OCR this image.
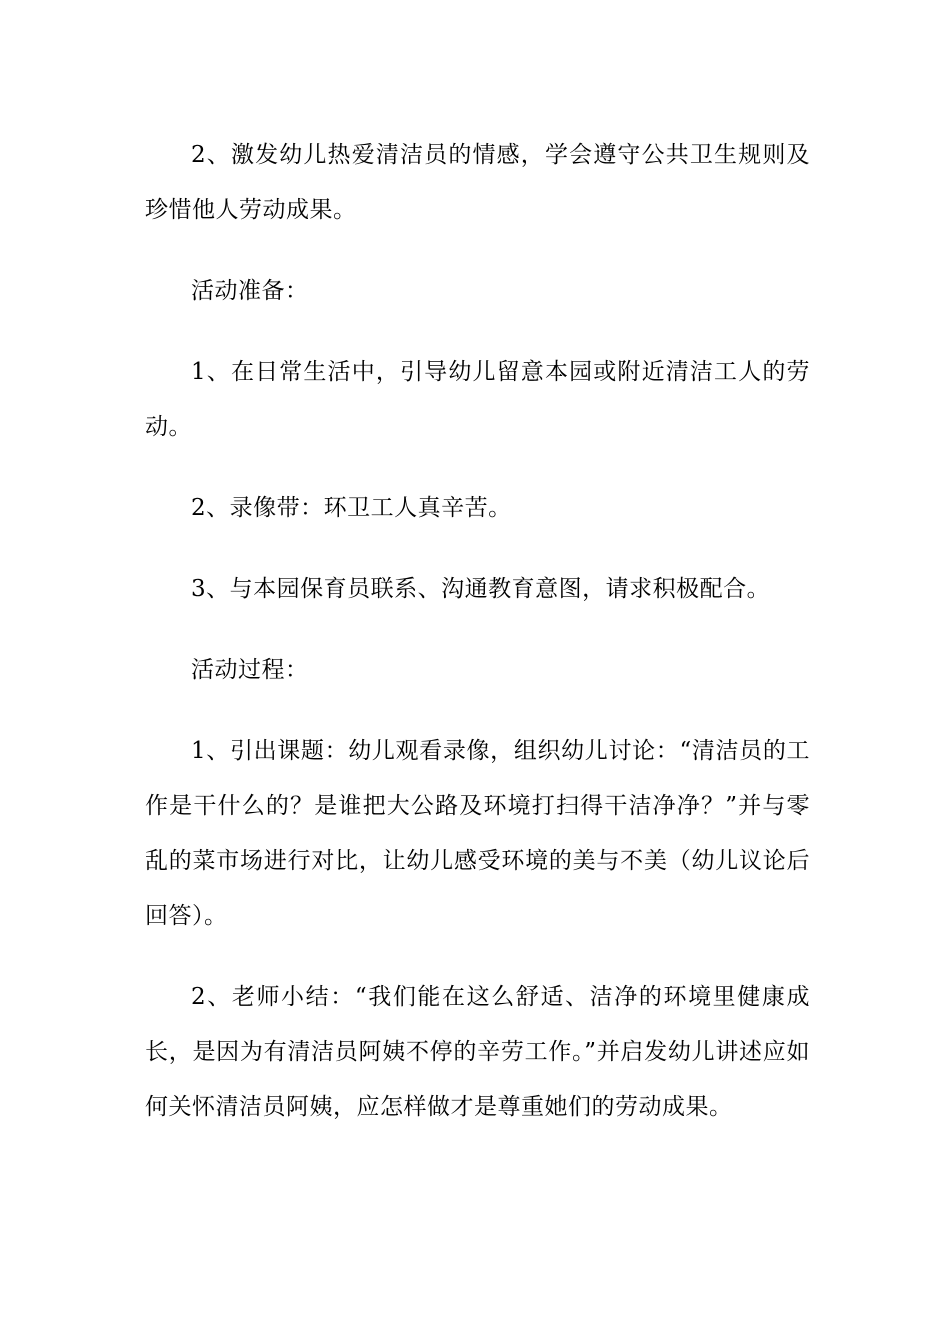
2、激发幼儿热爱清洁员的情感，学会遵守公共卫生规则及珍惜他人劳动成果。

活动准备：

1、在日常生活中，引导幼儿留意本园或附近清洁工人的劳动。

2、录像带：环卫工人真辛苦。

3、与本园保育员联系、沟通教育意图，请求积极配合。

活动过程：

1、引出课题：幼儿观看录像，组织幼儿讨论：“清洁员的工作是干什么的？是谁把大公路及环境打扫得干洁净净？”并与零乱的菜市场进行对比，让幼儿感受环境的美与不美（幼儿议论后回答）。

2、老师小结：“我们能在这么舒适、洁净的环境里健康成长，是因为有清洁员阿姨不停的辛劳工作。”并启发幼儿讲述应如何关怀清洁员阿姨，应怎样做才是尊重她们的劳动成果。
